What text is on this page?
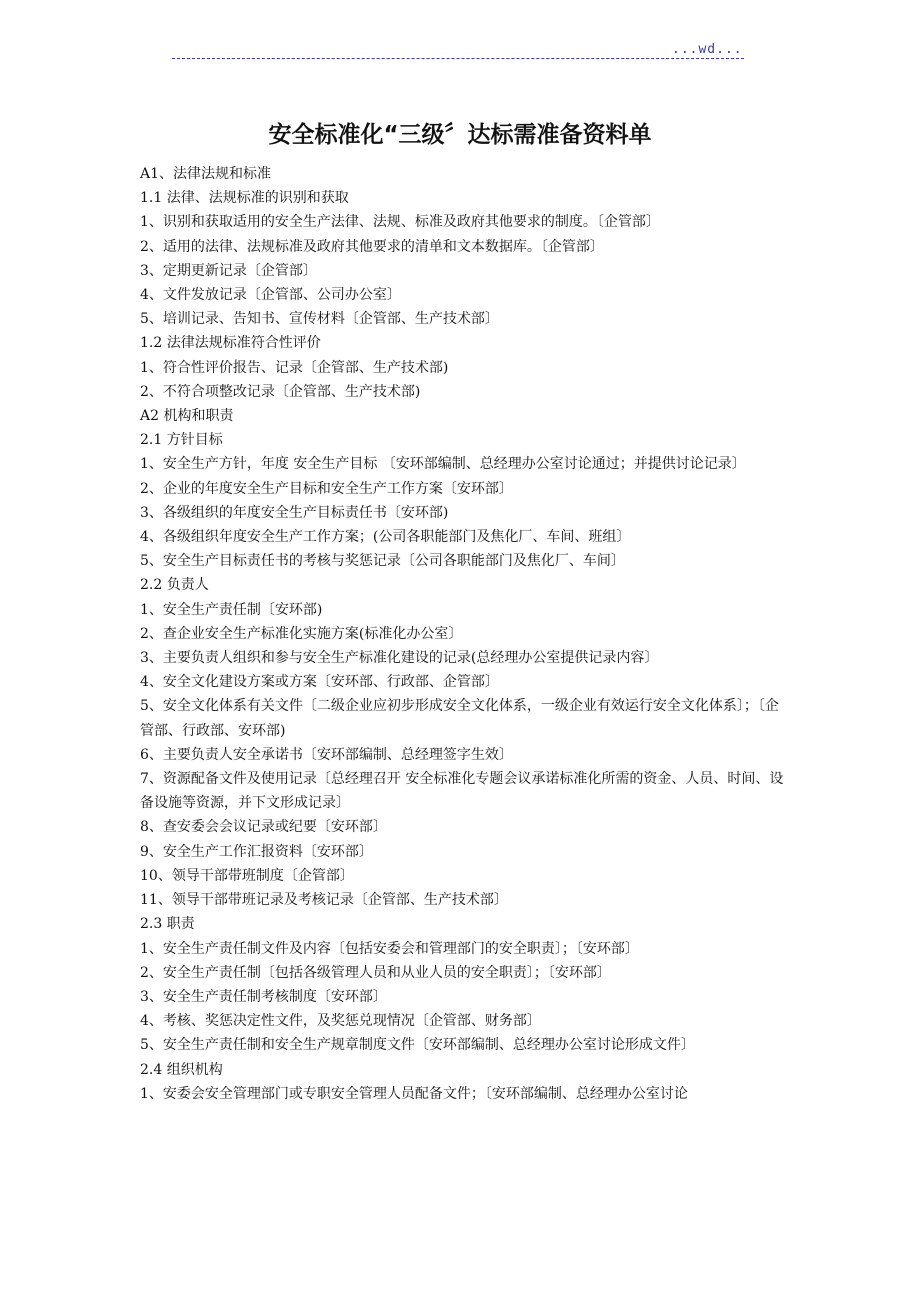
...wd...
安全标准化“三级〞达标需准备资料单

A1、法律法规和标准

1.1 法律、法规标准的识别和获取

1、识别和获取适用的安全生产法律、法规、标准及政府其他要求的制度。〔企管部〕

2、适用的法律、法规标准及政府其他要求的清单和文本数据库。〔企管部〕

3、定期更新记录〔企管部〕

4、文件发放记录〔企管部、公司办公室〕

5、培训记录、告知书、宣传材料〔企管部、生产技术部〕

1.2 法律法规标准符合性评价

1、符合性评价报告、记录〔企管部、生产技术部)

2、不符合项整改记录〔企管部、生产技术部)

A2 机构和职责

2.1 方针目标

1、安全生产方针，年度 安全生产目标 〔安环部编制、总经理办公室讨论通过；并提供讨论记录〕

2、企业的年度安全生产目标和安全生产工作方案〔安环部〕

3、各级组织的年度安全生产目标责任书〔安环部)

4、各级组织年度安全生产工作方案；(公司各职能部门及焦化厂、车间、班组〕

5、安全生产目标责任书的考核与奖惩记录〔公司各职能部门及焦化厂、车间〕

2.2 负责人

1、安全生产责任制〔安环部)

2、查企业安全生产标准化实施方案(标准化办公室〕

3、主要负责人组织和参与安全生产标准化建设的记录(总经理办公室提供记录内容〕

4、安全文化建设方案或方案〔安环部、行政部、企管部〕

5、安全文化体系有关文件〔二级企业应初步形成安全文化体系，一级企业有效运行安全文化体系〕；〔企管部、行政部、安环部)

6、主要负责人安全承诺书〔安环部编制、总经理签字生效〕

7、资源配备文件及使用记录〔总经理召开 安全标准化专题会议承诺标准化所需的资金、人员、时间、设备设施等资源，并下文形成记录〕

8、查安委会会议记录或纪要〔安环部〕

9、安全生产工作汇报资料〔安环部〕

10、领导干部带班制度〔企管部〕

11、领导干部带班记录及考核记录〔企管部、生产技术部〕

2.3 职责

1、安全生产责任制文件及内容〔包括安委会和管理部门的安全职责〕；〔安环部〕

2、安全生产责任制〔包括各级管理人员和从业人员的安全职责〕；〔安环部〕

3、安全生产责任制考核制度〔安环部〕

4、考核、奖惩决定性文件，及奖惩兑现情况〔企管部、财务部〕

5、安全生产责任制和安全生产规章制度文件〔安环部编制、总经理办公室讨论形成文件〕

2.4 组织机构

1、安委会安全管理部门或专职安全管理人员配备文件；〔安环部编制、总经理办公室讨论
